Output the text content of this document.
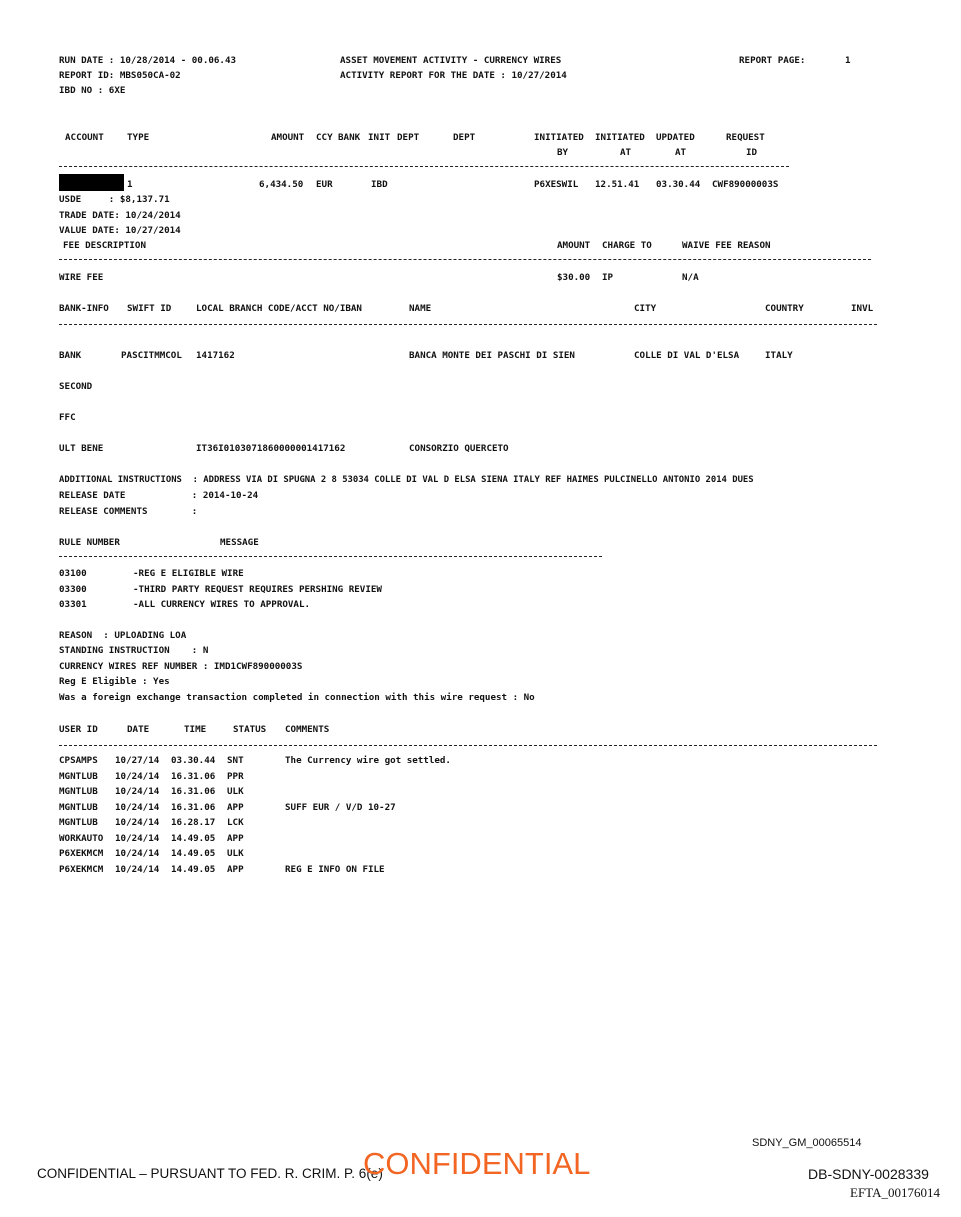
RUN DATE : 10/28/2014 - 00.06.43
REPORT ID: MBS050CA-02
IBD NO : 6XE
ASSET MOVEMENT ACTIVITY - CURRENCY WIRES
ACTIVITY REPORT FOR THE DATE : 10/27/2014
REPORT PAGE:	1
ACCOUNT	TYPE	AMOUNT CCY BANK INIT DEPT	DEPT	INITIATED INITIATED UPDATED	REQUEST
BY	AT	AT	ID
1	6,434.50 EUR	IBD	P6XESWIL 12.51.41 03.30.44 CWF89000003S
USDE     : $8,137.71
TRADE DATE: 10/24/2014
VALUE DATE: 10/27/2014
FEE DESCRIPTION	AMOUNT CHARGE TO	WAIVE FEE REASON
WIRE FEE	$30.00 IP	N/A
BANK-INFO SWIFT ID	LOCAL BRANCH CODE/ACCT NO/IBAN	NAME	CITY	COUNTRY	INVL
BANK	PASCITMMCOL 1417162	BANCA MONTE DEI PASCHI DI SIEN	COLLE DI VAL D'ELSA	ITALY
SECOND
FFC
ULT BENE	IT36I0103071860000001417162	CONSORZIO QUERCETO
ADDITIONAL INSTRUCTIONS  : ADDRESS VIA DI SPUGNA 2 8 53034 COLLE DI VAL D ELSA SIENA ITALY REF HAIMES PULCINELLO ANTONIO 2014 DUES
RELEASE DATE            : 2014-10-24
RELEASE COMMENTS        :
RULE NUMBER	MESSAGE
03100	-REG E ELIGIBLE WIRE
03300	-THIRD PARTY REQUEST REQUIRES PERSHING REVIEW
03301	-ALL CURRENCY WIRES TO APPROVAL.
REASON  : UPLOADING LOA
STANDING INSTRUCTION    : N
CURRENCY WIRES REF NUMBER : IMD1CWF89000003S
Reg E Eligible : Yes
Was a foreign exchange transaction completed in connection with this wire request : No
USER ID	DATE	TIME	STATUS COMMENTS
CPSAMPS 10/27/14 03.30.44 SNT	The Currency wire got settled.
MGNTLUB 10/24/14 16.31.06 PPR
MGNTLUB 10/24/14 16.31.06 ULK
MGNTLUB 10/24/14 16.31.06 APP	SUFF EUR / V/D 10-27
MGNTLUB 10/24/14 16.28.17 LCK
WORKAUTO 10/24/14 14.49.05 APP
P6XEKMCM 10/24/14 14.49.05 ULK
P6XEKMCM 10/24/14 14.49.05 APP	REG E INFO ON FILE
SDNY_GM_00065514
CONFIDENTIAL – PURSUANT TO FED. R. CRIM. P. 6(e)
CONFIDENTIAL	DB-SDNY-0028339
EFTA_00176014
